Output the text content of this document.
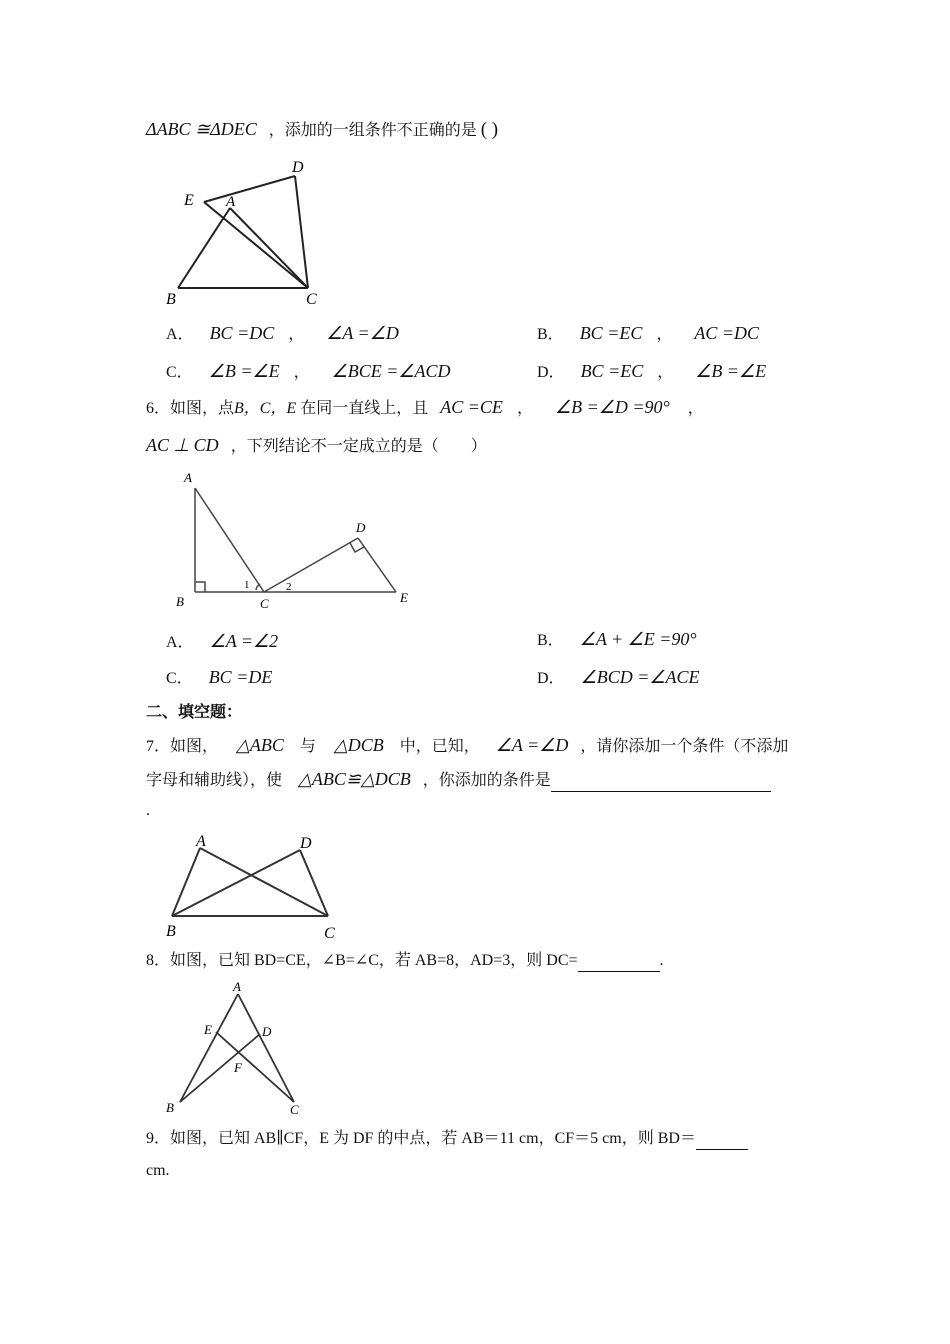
ΔABC ≅ΔDEC ，添加的一组条件不正确的是 ( )
D
E A
B	C
A． BC =DC ， ∠A =∠D	B． BC =EC ， AC =DC
C． ∠B =∠E ， ∠BCE =∠ACD	D． BC =EC ， ∠B =∠E
6．如图，点B，C，E 在同一直线上，且 AC =CE ， ∠B =∠D =90° ，
AC ⊥ CD ，下列结论不一定成立的是（　　）
A
B	C
D
E
1	2
A． ∠A =∠2	B． ∠A + ∠E =90°
C． BC =DE	D． ∠BCD =∠ACE
二、填空题：
7．如图， △ABC 与 △DCB 中，已知， ∠A =∠D ，请你添加一个条件（不添加
字母和辅助线），使 △ABC≌△DCB ，你添加的条件是
.
A	D
B	C
8．如图，已知 BD=CE，∠B=∠C，若 AB=8，AD=3，则 DC=	.
A
E	D
F
B	C
9．如图，已知 AB∥CF，E 为 DF 的中点，若 AB＝11 cm，CF＝5 cm，则 BD＝
cm.
